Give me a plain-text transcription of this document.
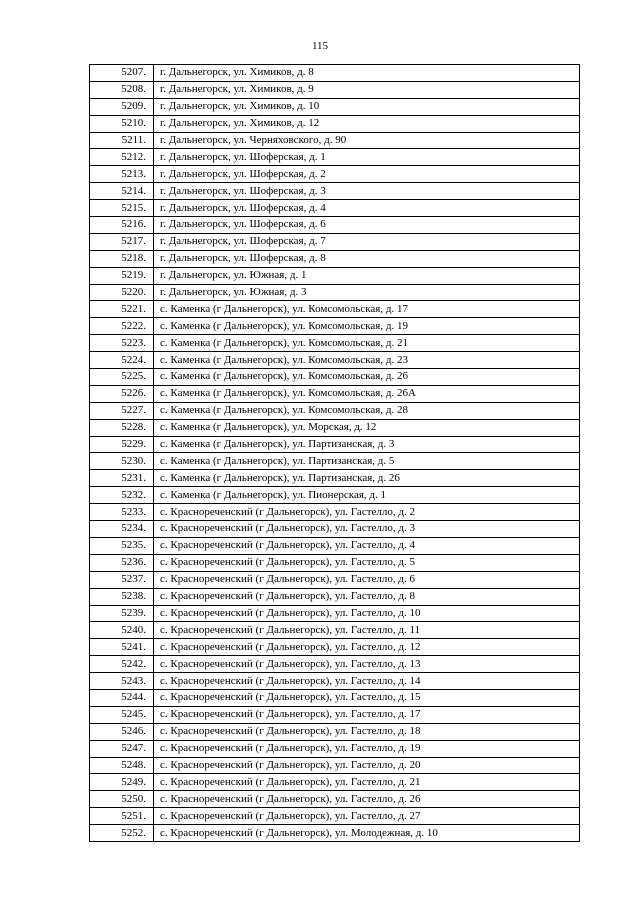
115
5207.	г. Дальнегорск, ул. Химиков, д. 8
5208.	г. Дальнегорск, ул. Химиков, д. 9
5209.	г. Дальнегорск, ул. Химиков, д. 10
5210.	г. Дальнегорск, ул. Химиков, д. 12
5211.	г. Дальнегорск, ул. Черняховского, д. 90
5212.	г. Дальнегорск, ул. Шоферская, д. 1
5213.	г. Дальнегорск, ул. Шоферская, д. 2
5214.	г. Дальнегорск, ул. Шоферская, д. 3
5215.	г. Дальнегорск, ул. Шоферская, д. 4
5216.	г. Дальнегорск, ул. Шоферская, д. 6
5217.	г. Дальнегорск, ул. Шоферская, д. 7
5218.	г. Дальнегорск, ул. Шоферская, д. 8
5219.	г. Дальнегорск, ул. Южная, д. 1
5220.	г. Дальнегорск, ул. Южная, д. 3
5221.	с. Каменка (г Дальнегорск), ул. Комсомольская, д. 17
5222.	с. Каменка (г Дальнегорск), ул. Комсомольская, д. 19
5223.	с. Каменка (г Дальнегорск), ул. Комсомольская, д. 21
5224.	с. Каменка (г Дальнегорск), ул. Комсомольская, д. 23
5225.	с. Каменка (г Дальнегорск), ул. Комсомольская, д. 26
5226.	с. Каменка (г Дальнегорск), ул. Комсомольская, д. 26А
5227.	с. Каменка (г Дальнегорск), ул. Комсомольская, д. 28
5228.	с. Каменка (г Дальнегорск), ул. Морская, д. 12
5229.	с. Каменка (г Дальнегорск), ул. Партизанская, д. 3
5230.	с. Каменка (г Дальнегорск), ул. Партизанская, д. 5
5231.	с. Каменка (г Дальнегорск), ул. Партизанская, д. 26
5232.	с. Каменка (г Дальнегорск), ул. Пионерская, д. 1
5233.	с. Краснореченский (г Дальнегорск), ул. Гастелло, д. 2
5234.	с. Краснореченский (г Дальнегорск), ул. Гастелло, д. 3
5235.	с. Краснореченский (г Дальнегорск), ул. Гастелло, д. 4
5236.	с. Краснореченский (г Дальнегорск), ул. Гастелло, д. 5
5237.	с. Краснореченский (г Дальнегорск), ул. Гастелло, д. 6
5238.	с. Краснореченский (г Дальнегорск), ул. Гастелло, д. 8
5239.	с. Краснореченский (г Дальнегорск), ул. Гастелло, д. 10
5240.	с. Краснореченский (г Дальнегорск), ул. Гастелло, д. 11
5241.	с. Краснореченский (г Дальнегорск), ул. Гастелло, д. 12
5242.	с. Краснореченский (г Дальнегорск), ул. Гастелло, д. 13
5243.	с. Краснореченский (г Дальнегорск), ул. Гастелло, д. 14
5244.	с. Краснореченский (г Дальнегорск), ул. Гастелло, д. 15
5245.	с. Краснореченский (г Дальнегорск), ул. Гастелло, д. 17
5246.	с. Краснореченский (г Дальнегорск), ул. Гастелло, д. 18
5247.	с. Краснореченский (г Дальнегорск), ул. Гастелло, д. 19
5248.	с. Краснореченский (г Дальнегорск), ул. Гастелло, д. 20
5249.	с. Краснореченский (г Дальнегорск), ул. Гастелло, д. 21
5250.	с. Краснореченский (г Дальнегорск), ул. Гастелло, д. 26
5251.	с. Краснореченский (г Дальнегорск), ул. Гастелло, д. 27
5252.	с. Краснореченский (г Дальнегорск), ул. Молодежная, д. 10
